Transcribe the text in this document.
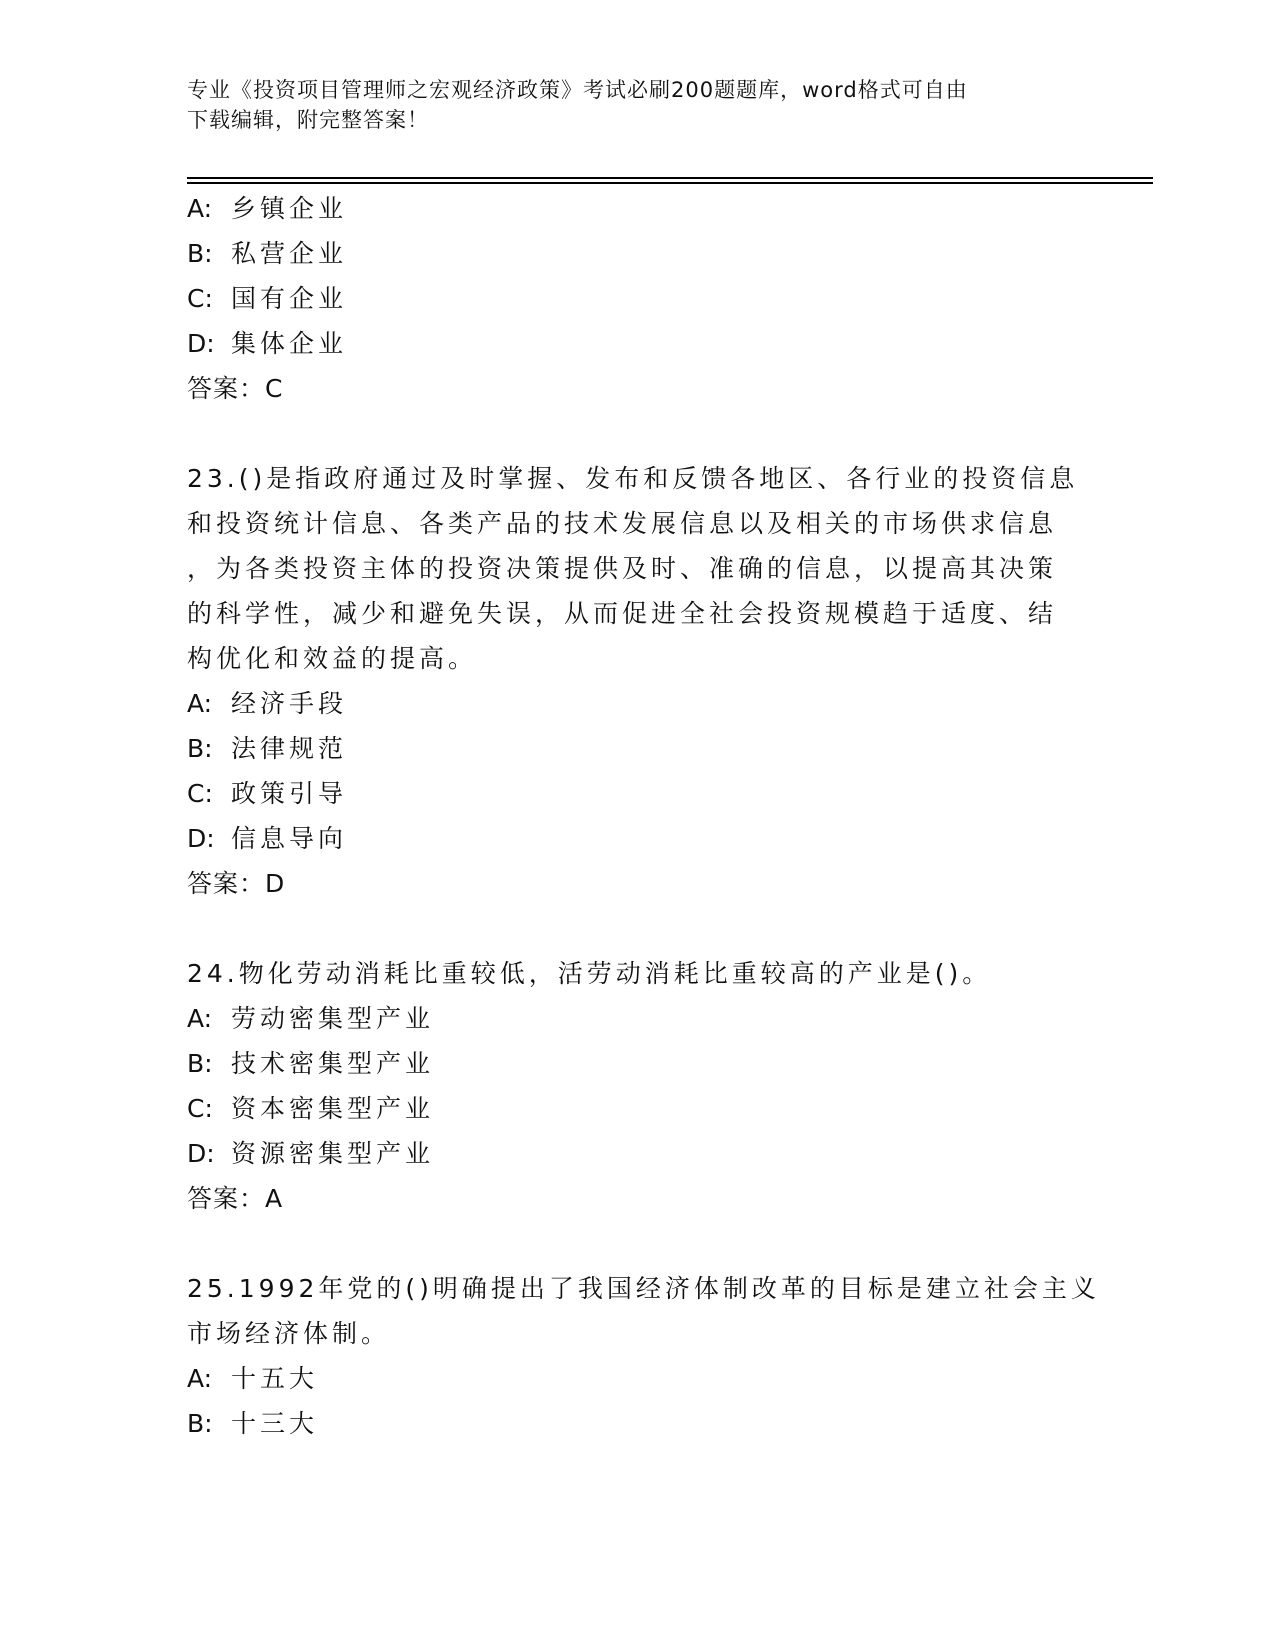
专业《投资项目管理师之宏观经济政策》考试必刷200题题库，word格式可自由
下载编辑，附完整答案！
A: 乡镇企业
B: 私营企业
C: 国有企业
D: 集体企业
答案：C
23.()是指政府通过及时掌握、发布和反馈各地区、各行业的投资信息
和投资统计信息、各类产品的技术发展信息以及相关的市场供求信息
，为各类投资主体的投资决策提供及时、准确的信息，以提高其决策
的科学性，减少和避免失误，从而促进全社会投资规模趋于适度、结
构优化和效益的提高。
A: 经济手段
B: 法律规范
C: 政策引导
D: 信息导向
答案：D
24.物化劳动消耗比重较低，活劳动消耗比重较高的产业是()。
A: 劳动密集型产业
B: 技术密集型产业
C: 资本密集型产业
D: 资源密集型产业
答案：A
25.1992年党的()明确提出了我国经济体制改革的目标是建立社会主义
市场经济体制。
A: 十五大
B: 十三大
